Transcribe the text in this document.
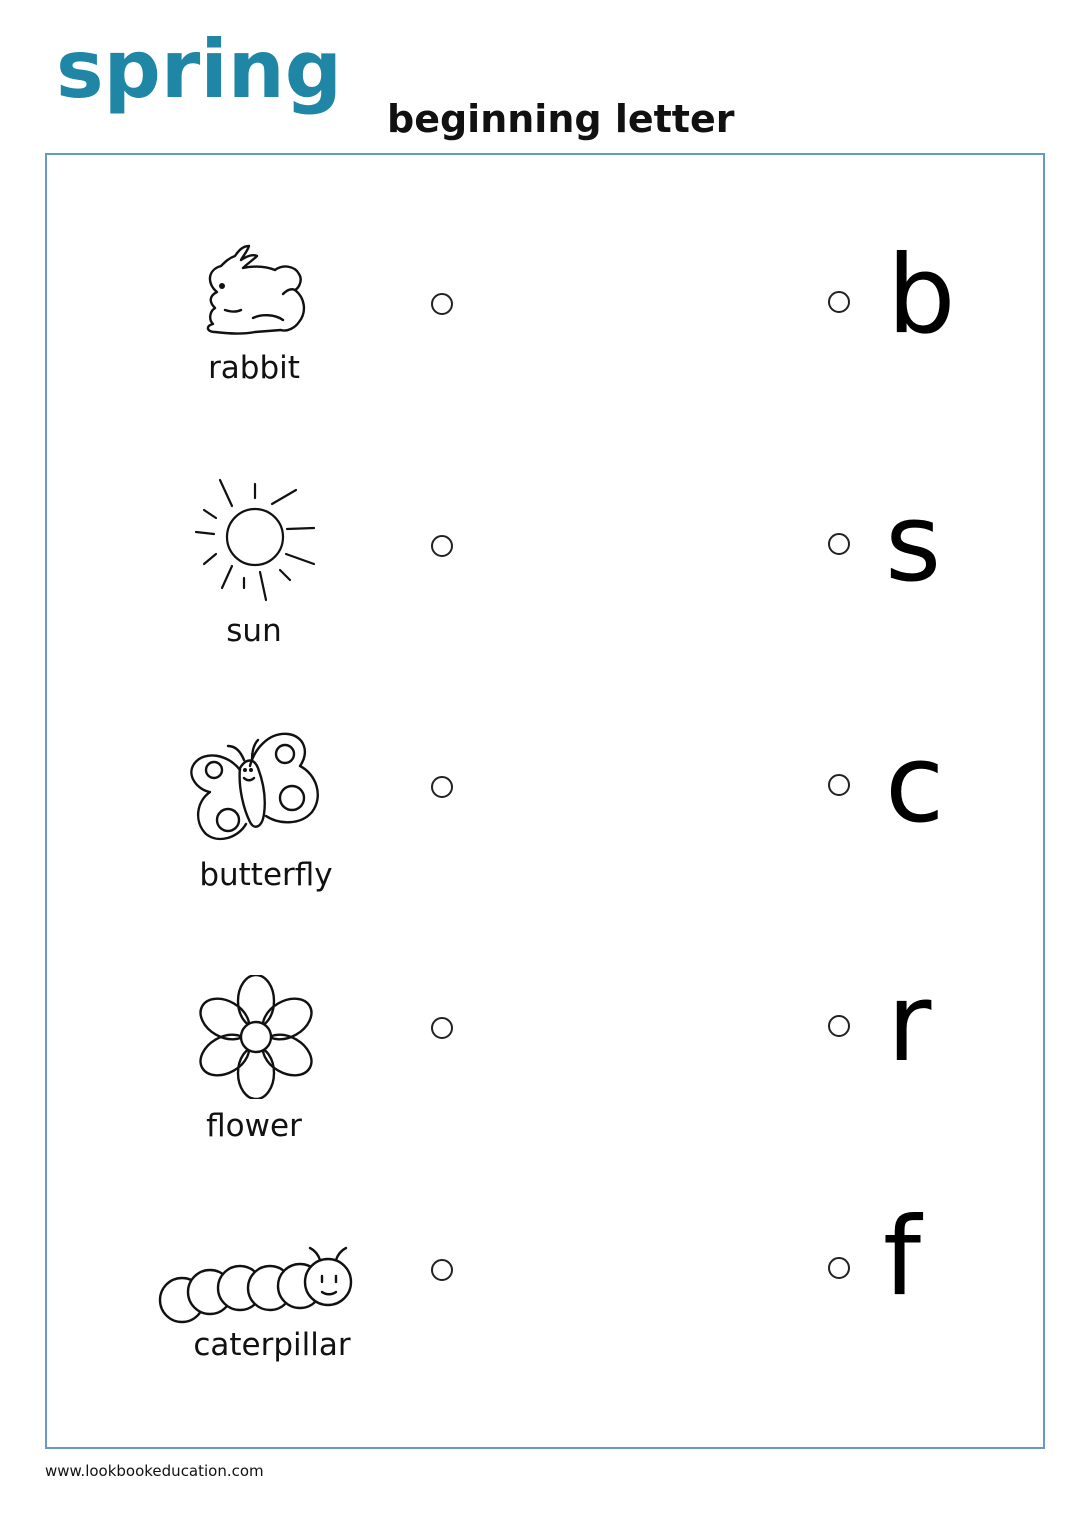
spring
beginning letter
rabbit
b
sun
s
butterfly
c
flower
r
caterpillar
f
www.lookbookeducation.com
